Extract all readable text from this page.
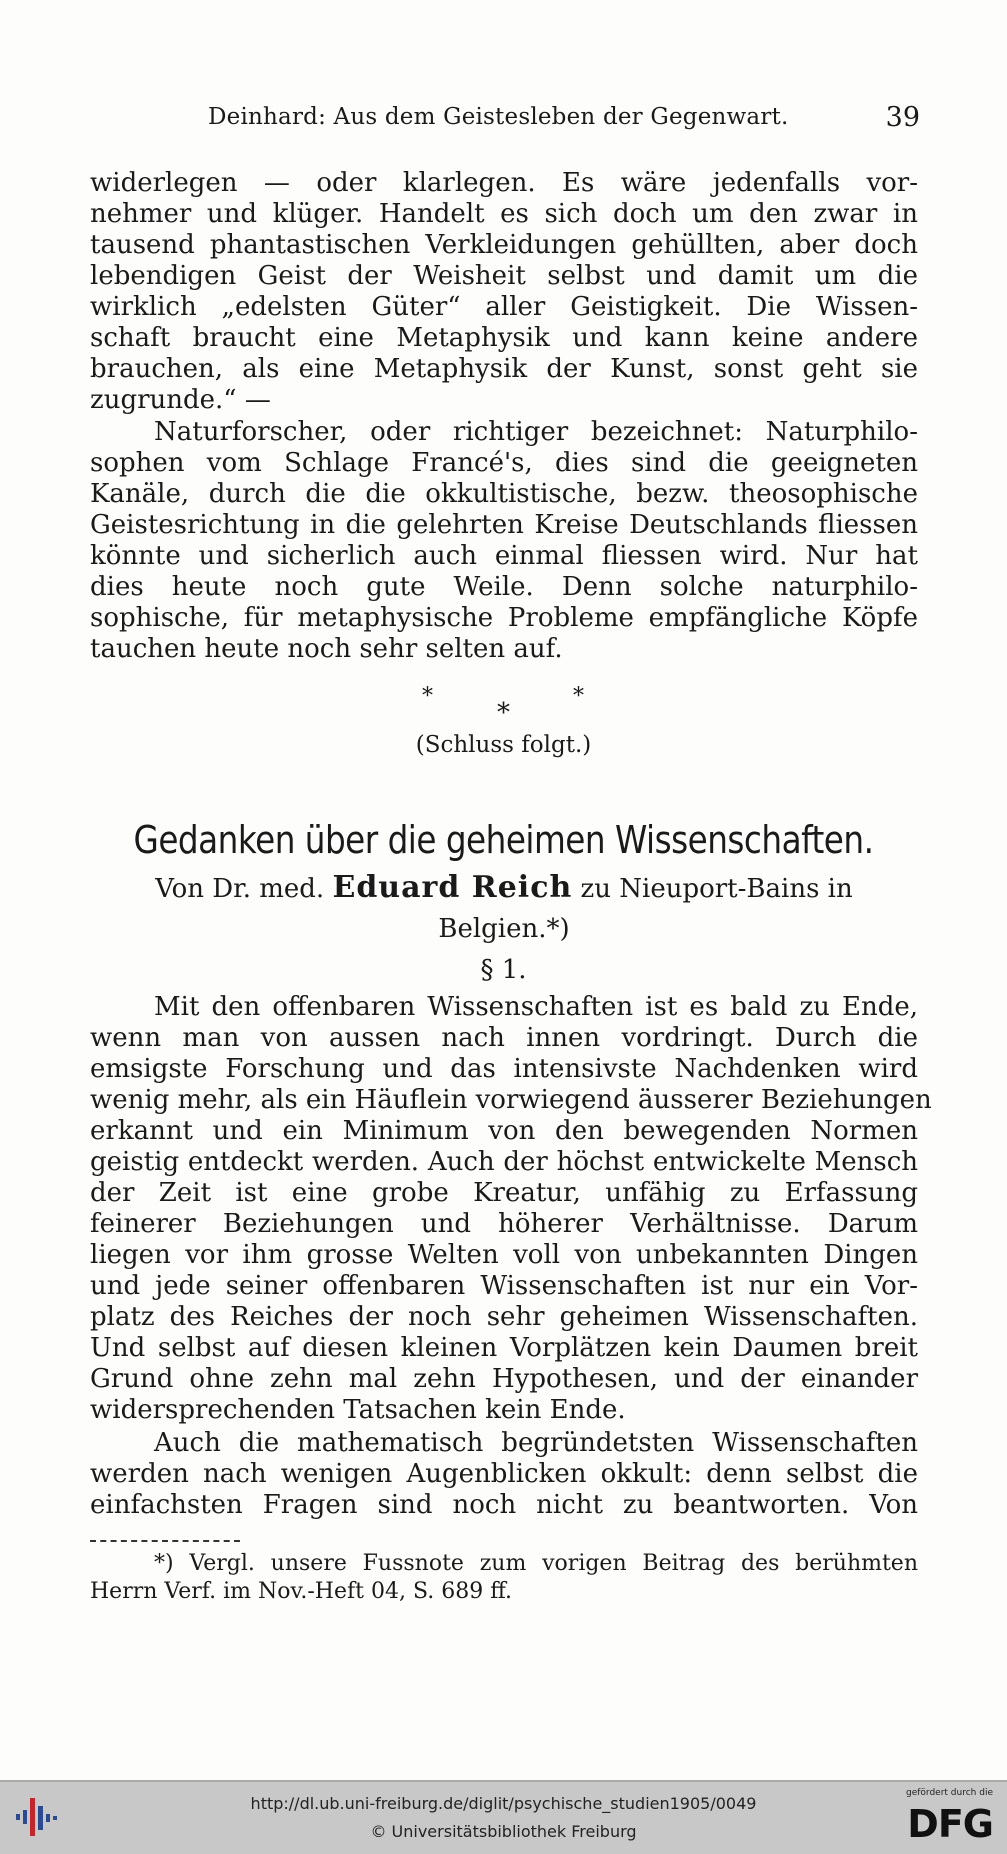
Deinhard: Aus dem Geistesleben der Gegenwart.	39
widerlegen — oder klarlegen. Es wäre jedenfalls vor-
nehmer und klüger. Handelt es sich doch um den zwar in
tausend phantastischen Verkleidungen gehüllten, aber doch
lebendigen Geist der Weisheit selbst und damit um die
wirklich „edelsten Güter“ aller Geistigkeit. Die Wissen-
schaft braucht eine Metaphysik und kann keine andere
brauchen, als eine Metaphysik der Kunst, sonst geht sie
zugrunde.“ —
Naturforscher, oder richtiger bezeichnet: Naturphilo-
sophen vom Schlage Francé's, dies sind die geeigneten
Kanäle, durch die die okkultistische, bezw. theosophische
Geistesrichtung in die gelehrten Kreise Deutschlands fliessen
könnte und sicherlich auch einmal fliessen wird. Nur hat
dies heute noch gute Weile. Denn solche naturphilo-
sophische, für metaphysische Probleme empfängliche Köpfe
tauchen heute noch sehr selten auf.
*
*
*
(Schluss folgt.)
Gedanken über die geheimen Wissenschaften.
Von Dr. med. Eduard Reich zu Nieuport-Bains in Belgien.*)
§ 1.
Mit den offenbaren Wissenschaften ist es bald zu Ende,
wenn man von aussen nach innen vordringt. Durch die
emsigste Forschung und das intensivste Nachdenken wird
wenig mehr, als ein Häuflein vorwiegend äusserer Beziehungen
erkannt und ein Minimum von den bewegenden Normen
geistig entdeckt werden. Auch der höchst entwickelte Mensch
der Zeit ist eine grobe Kreatur, unfähig zu Erfassung
feinerer Beziehungen und höherer Verhältnisse. Darum
liegen vor ihm grosse Welten voll von unbekannten Dingen
und jede seiner offenbaren Wissenschaften ist nur ein Vor-
platz des Reiches der noch sehr geheimen Wissenschaften.
Und selbst auf diesen kleinen Vorplätzen kein Daumen breit
Grund ohne zehn mal zehn Hypothesen, und der einander
widersprechenden Tatsachen kein Ende.
Auch die mathematisch begründetsten Wissenschaften
werden nach wenigen Augenblicken okkult: denn selbst die
einfachsten Fragen sind noch nicht zu beantworten. Von
*) Vergl. unsere Fussnote zum vorigen Beitrag des berühmten
Herrn Verf. im Nov.-Heft 04, S. 689 ff.
http://dl.ub.uni-freiburg.de/diglit/psychische_studien1905/0049
© Universitätsbibliothek Freiburg
gefördert durch die
DFG
